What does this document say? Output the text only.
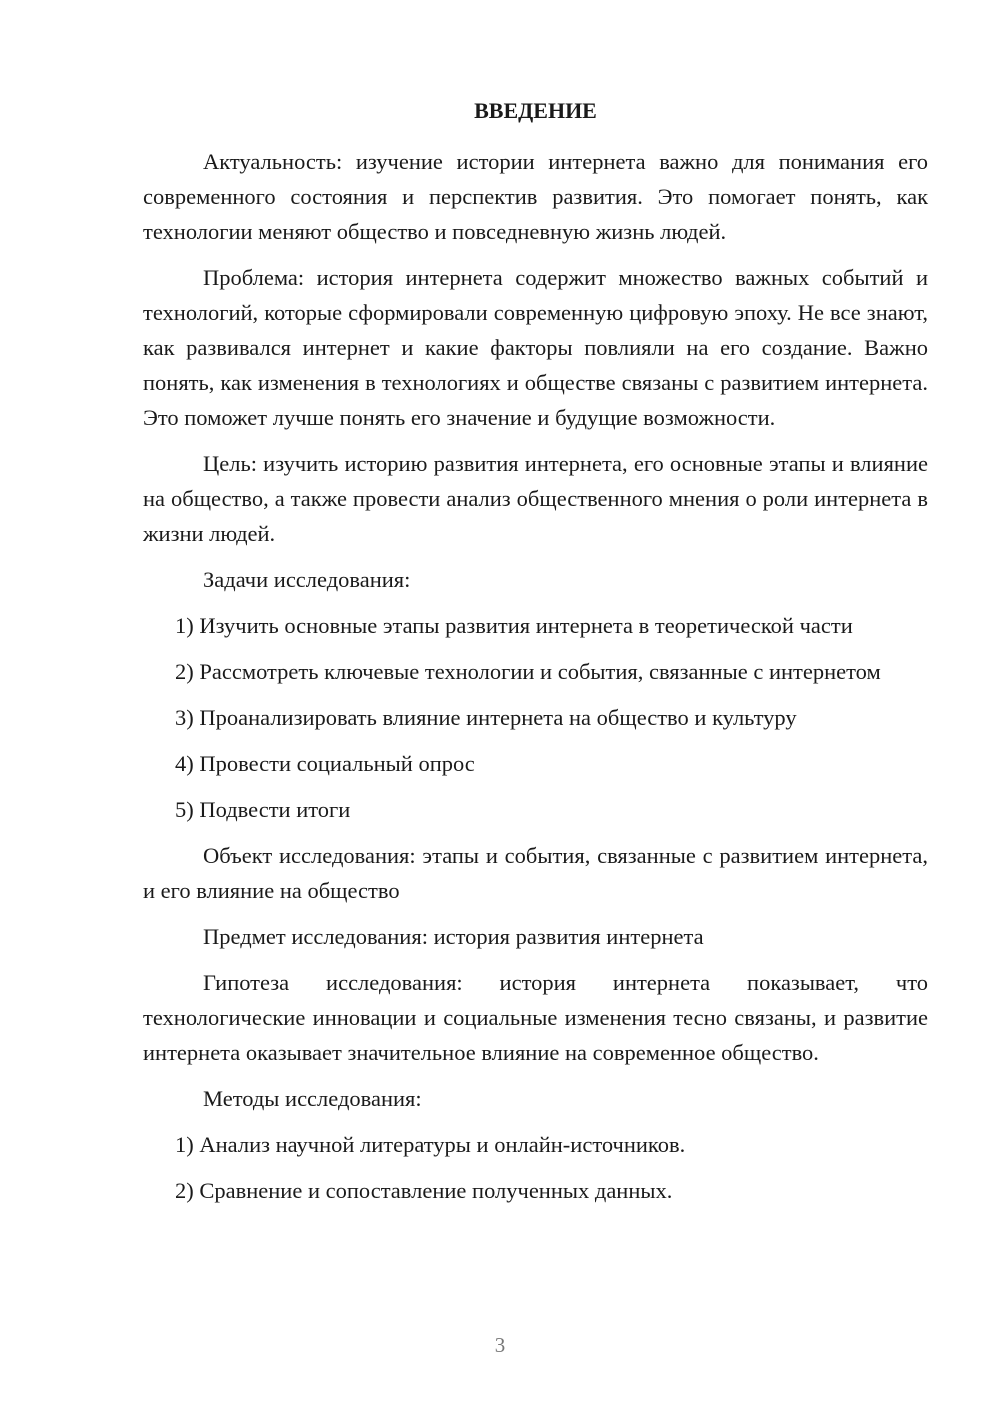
ВВЕДЕНИЕ

Актуальность: изучение истории интернета важно для понимания его современного состояния и перспектив развития. Это помогает понять, как технологии меняют общество и повседневную жизнь людей.

Проблема: история интернета содержит множество важных событий и технологий, которые сформировали современную цифровую эпоху. Не все знают, как развивался интернет и какие факторы повлияли на его создание. Важно понять, как изменения в технологиях и обществе связаны с развитием интернета. Это поможет лучше понять его значение и будущие возможности.

Цель: изучить историю развития интернета, его основные этапы и влияние на общество, а также провести анализ общественного мнения о роли интернета в жизни людей.

Задачи исследования:

1) Изучить основные этапы развития интернета в теоретической части

2) Рассмотреть ключевые технологии и события, связанные с интернетом

3) Проанализировать влияние интернета на общество и культуру

4) Провести социальный опрос

5) Подвести итоги

Объект исследования: этапы и события, связанные с развитием интернета, и его влияние на общество

Предмет исследования: история развития интернета

Гипотеза исследования: история интернета показывает, что технологические инновации и социальные изменения тесно связаны, и развитие интернета оказывает значительное влияние на современное общество.

Методы исследования:

1) Анализ научной литературы и онлайн-источников.

2) Сравнение и сопоставление полученных данных.

3
